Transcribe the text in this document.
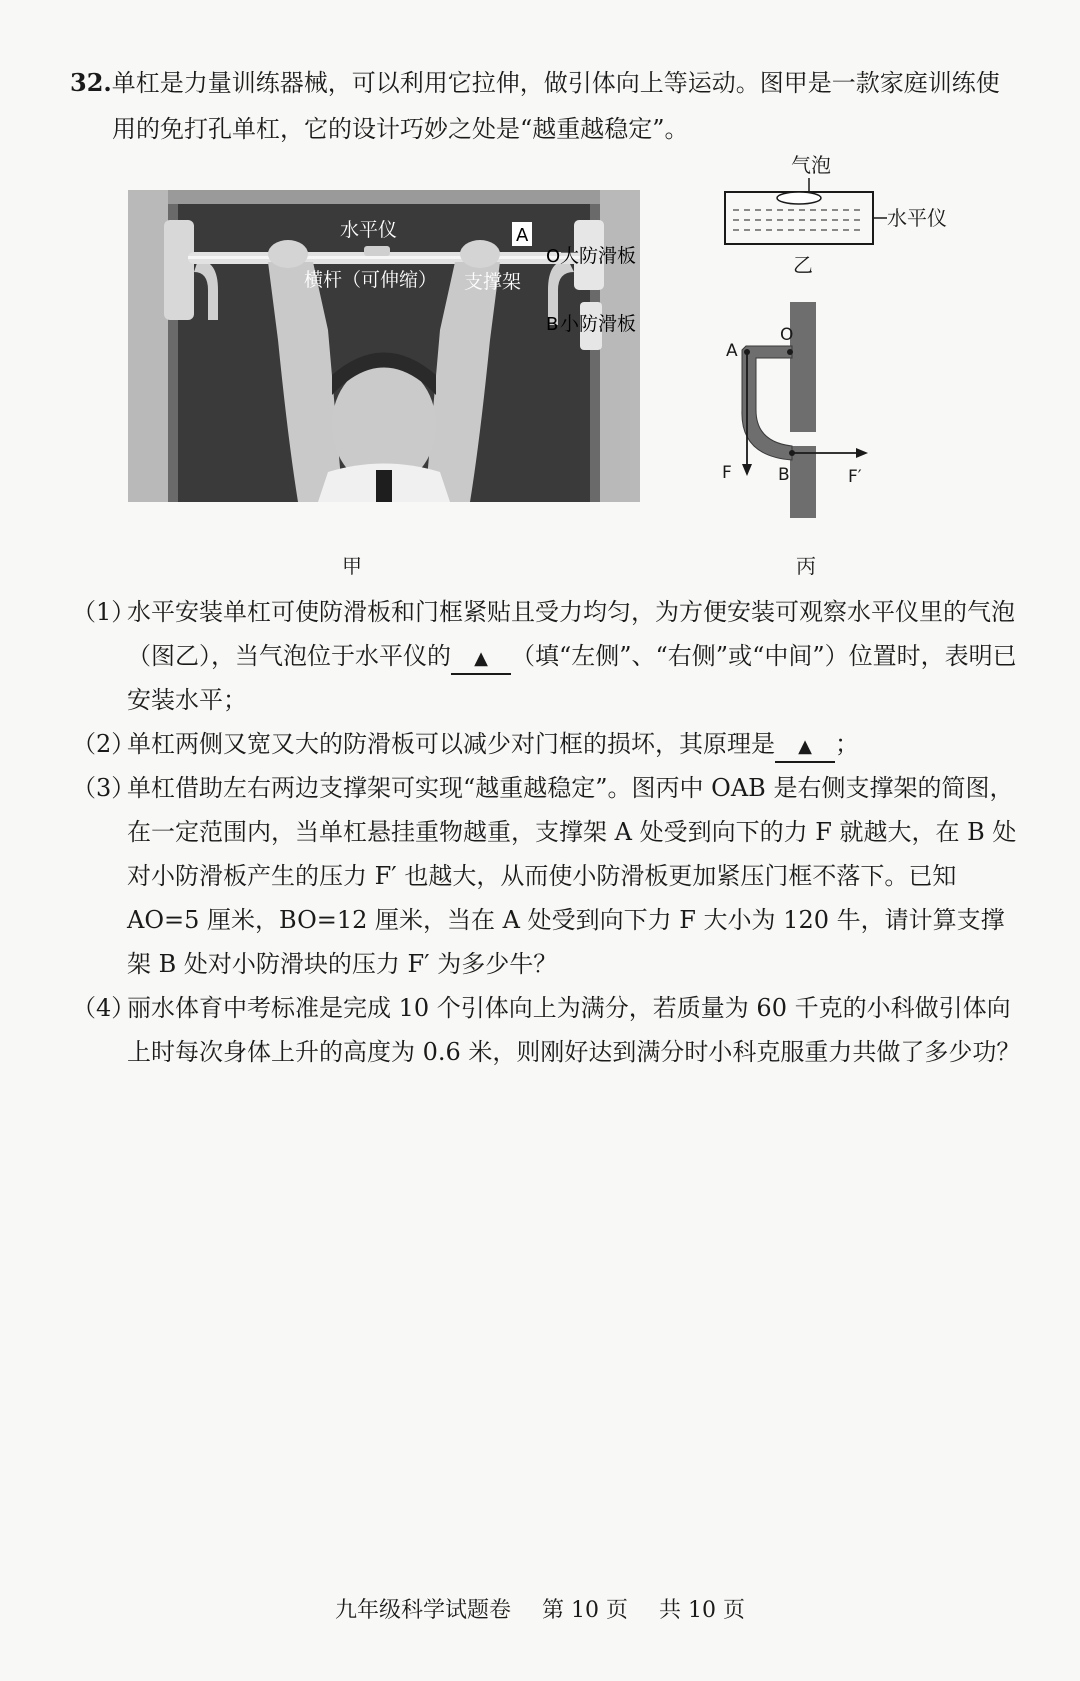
32.单杠是力量训练器械，可以利用它拉伸，做引体向上等运动。图甲是一款家庭训练使
用的免打孔单杠，它的设计巧妙之处是“越重越稳定”。
水平仪
横杆（可伸缩） 支撑架
A
O 大防滑板
B 小防滑板
甲
气泡
水平仪
乙
A
O
F	B	F′
丙
（1）
水平安装单杠可使防滑板和门框紧贴且受力均匀，为方便安装可观察水平仪里的气泡（图乙），当气泡位于水平仪的 ▲ （填“左侧”、“右侧”或“中间”）位置时，表明已安装水平；
（2）
单杠两侧又宽又大的防滑板可以减少对门框的损坏，其原理是 ▲ ；
（3）
单杠借助左右两边支撑架可实现“越重越稳定”。图丙中 OAB 是右侧支撑架的简图，在一定范围内，当单杠悬挂重物越重，支撑架 A 处受到向下的力 F 就越大，在 B 处对小防滑板产生的压力 F′ 也越大，从而使小防滑板更加紧压门框不落下。已知 AO=5 厘米，BO=12 厘米，当在 A 处受到向下力 F 大小为 120 牛，请计算支撑架 B 处对小防滑块的压力 F′ 为多少牛？
（4）
丽水体育中考标准是完成 10 个引体向上为满分，若质量为 60 千克的小科做引体向上时每次身体上升的高度为 0.6 米，则刚好达到满分时小科克服重力共做了多少功？
九年级科学试题卷 第 10 页 共 10 页
